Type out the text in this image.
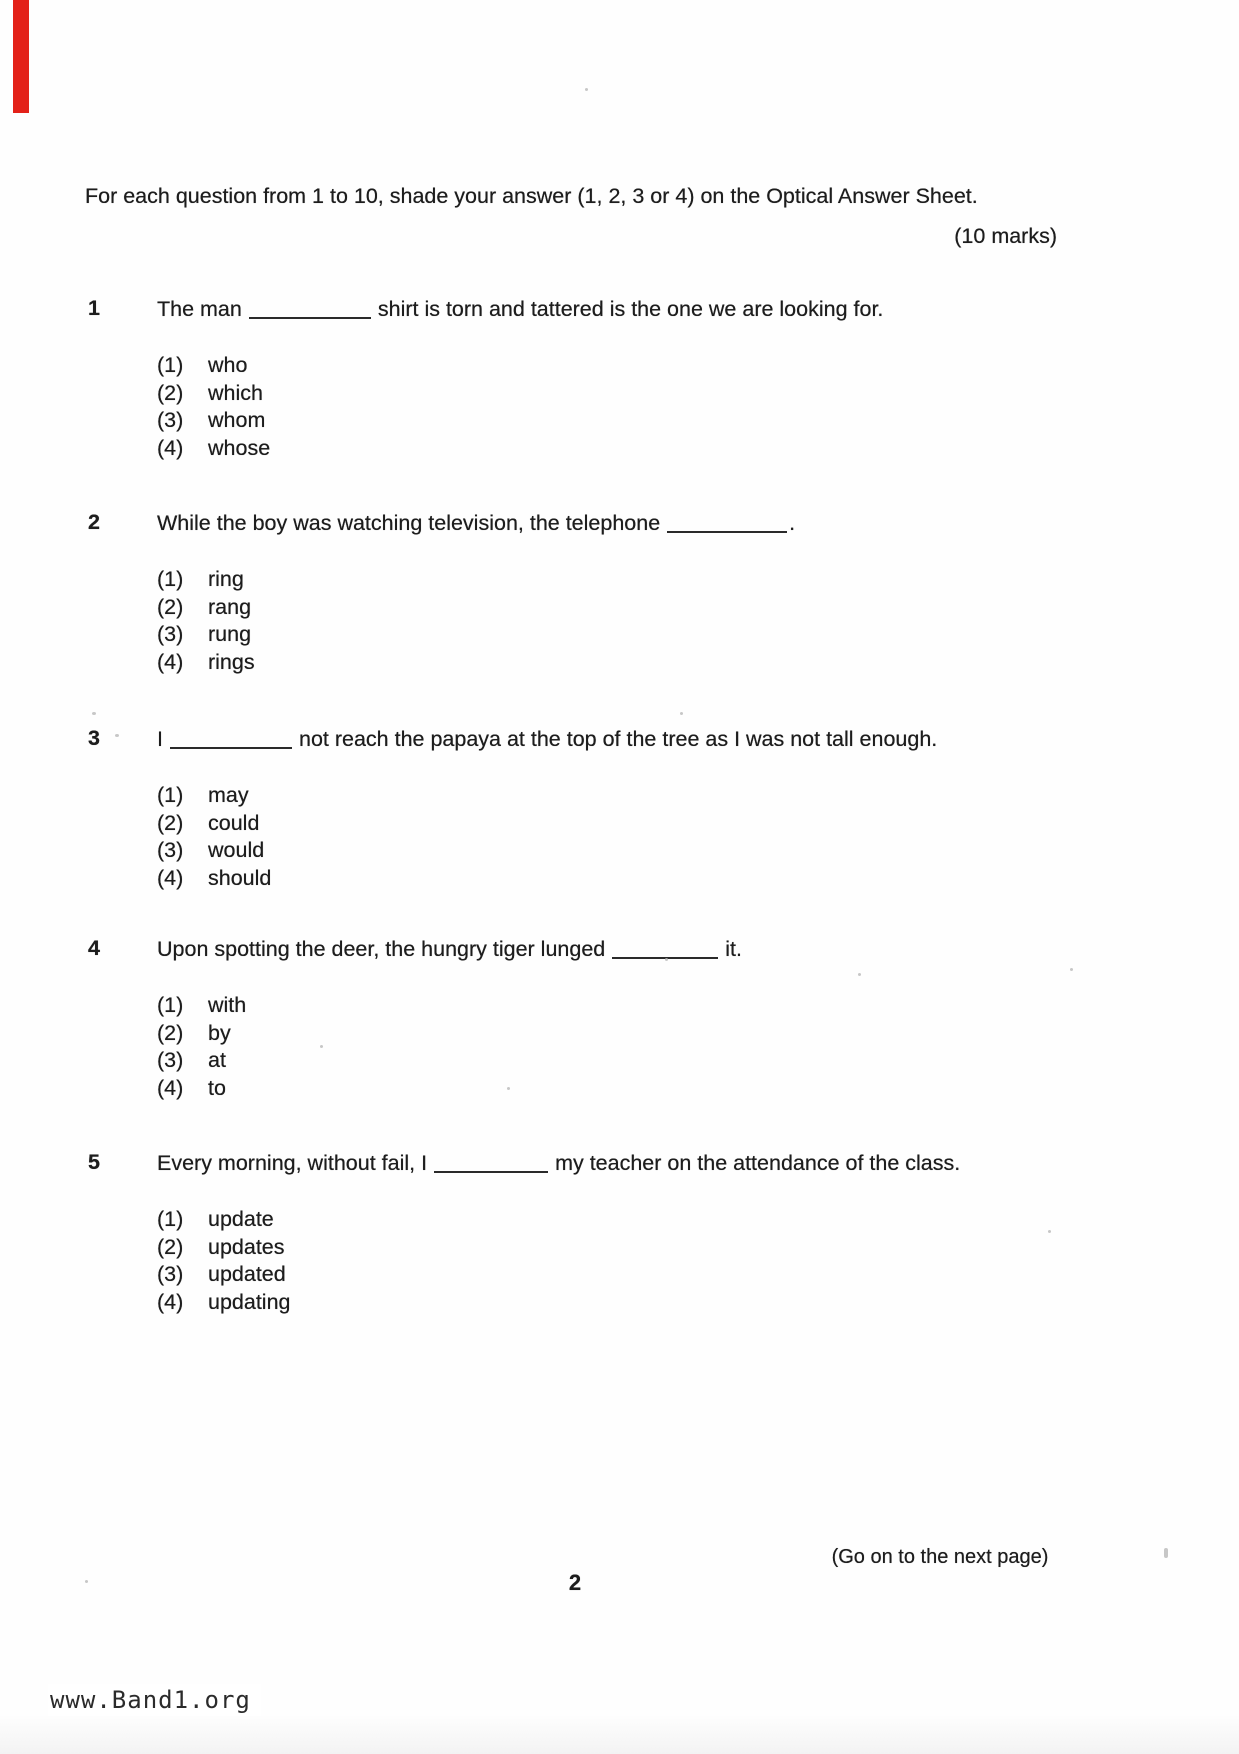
For each question from 1 to 10, shade your answer (1, 2, 3 or 4) on the Optical Answer Sheet.
(10 marks)
1	The man	shirt is torn and tattered is the one we are looking for.
(1) who
(2) which
(3) whom
(4) whose
2	While the boy was watching television, the telephone	.
(1) ring
(2) rang
(3) rung
(4) rings
3	I	not reach the papaya at the top of the tree as I was not tall enough.
(1) may
(2) could
(3) would
(4) should
4	Upon spotting the deer, the hungry tiger lunged	it.
(1) with
(2) by
(3) at
(4) to
5	Every morning, without fail, I	my teacher on the attendance of the class.
(1) update
(2) updates
(3) updated
(4) updating
(Go on to the next page)
2
www.Band1.org
